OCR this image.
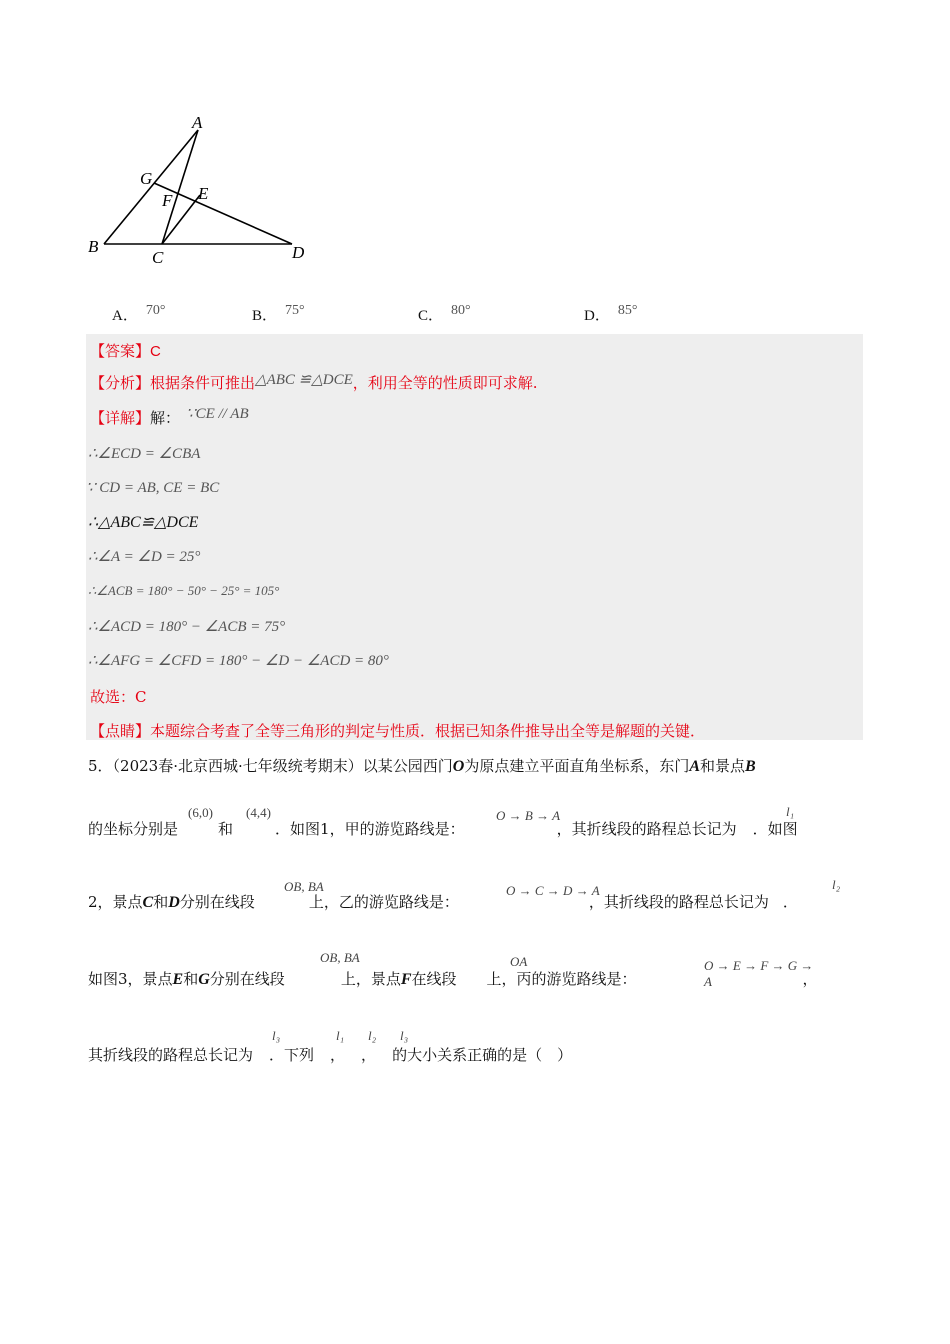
A
G
F E
B
C	D
A． 70°	B． 75°	C． 80°	D． 85°
【答案】C
【分析】根据条件可推出△ABC ≌△DCE，利用全等的性质即可求解.
【详解】解： ∵CE // AB
∴∠ECD = ∠CBA
∵ CD = AB, CE = BC
∴△ABC≌△DCE
∴∠A = ∠D = 25°
∴∠ACB = 180° − 50° − 25° = 105°
∴∠ACD = 180° − ∠ACB = 75°
∴∠AFG = ∠CFD = 180° − ∠D − ∠ACD = 80°
故选：C
【点睛】本题综合考查了全等三角形的判定与性质．根据已知条件推导出全等是解题的关键．
5．（2023春·北京西城·七年级统考期末）以某公园西门O为原点建立平面直角坐标系，东门A和景点B
的坐标分别是
(6,0)
和
(4,4)
．如图1，甲的游览路线是：
O → B → A
，其折线段的路程总长记为
l₁
．如图
2，景点C和D分别在线段
OB, BA
上，乙的游览路线是：
O → C → D → A
，其折线段的路程总长记为
l₂
．
如图3，景点E和G分别在线段
OB, BA
上，景点F在线段
OA
上，丙的游览路线是：
O → E → F → G → A	，
其折线段的路程总长记为
l₃
．下列
l₁
，
l₂
，
l₃
的大小关系正确的是（　）
